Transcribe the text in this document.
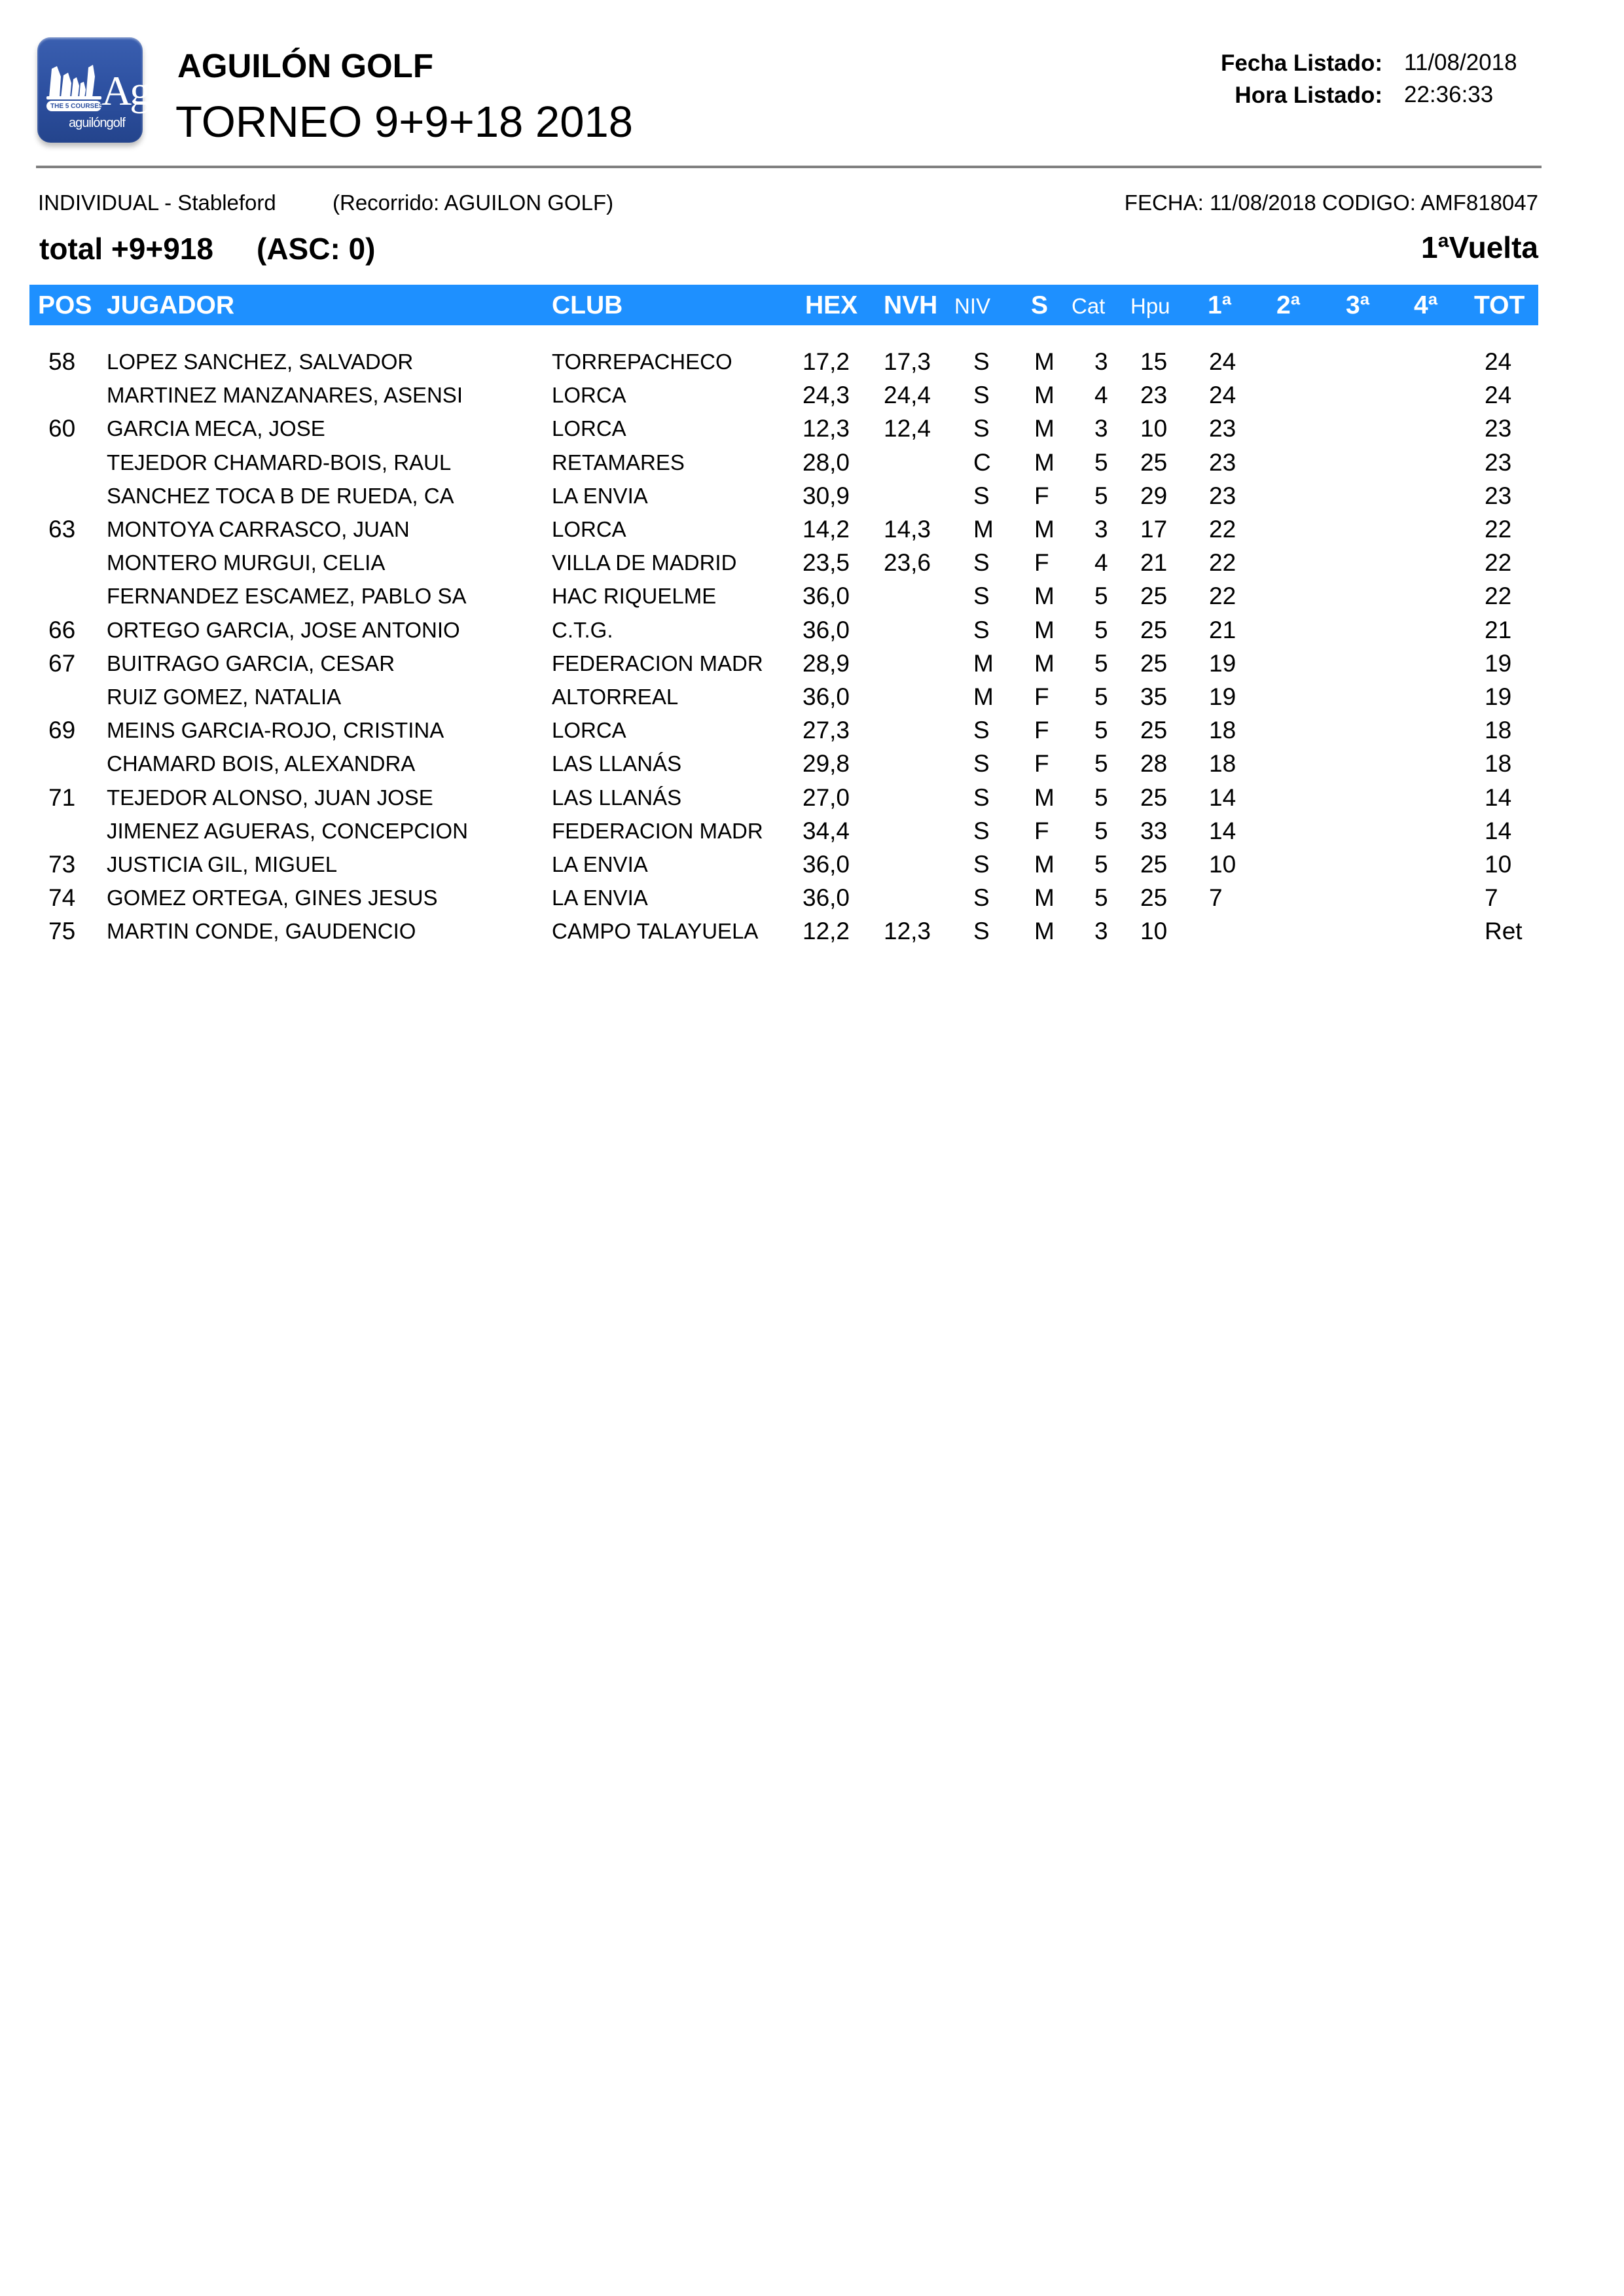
THE 5 COURSES
Ag
aguilóngolf
AGUILÓN GOLF
TORNEO 9+9+18 2018
Fecha Listado: 11/08/2018
Hora Listado: 22:36:33
INDIVIDUAL - Stableford	(Recorrido: AGUILON GOLF)	FECHA: 11/08/2018 CODIGO: AMF818047
total +9+918 (ASC: 0)	1ªVuelta
POS JUGADOR	CLUB	HEX NVH NIV S Cat Hpu 1ª 2ª 3ª 4ª TOT
58 LOPEZ SANCHEZ, SALVADOR	TORREPACHECO	17,2 17,3 S M 3 15 24	24
MARTINEZ MANZANARES, ASENSI	LORCA	24,3 24,4 S M 4 23 24	24
60 GARCIA MECA, JOSE	LORCA	12,3 12,4 S M 3 10 23	23
TEJEDOR CHAMARD-BOIS, RAUL	RETAMARES	28,0	C M 5 25 23	23
SANCHEZ TOCA B DE RUEDA, CA	LA ENVIA	30,9	S F 5 29 23	23
63 MONTOYA CARRASCO, JUAN	LORCA	14,2 14,3 M M 3 17 22	22
MONTERO MURGUI, CELIA	VILLA DE MADRID	23,5 23,6 S F 4 21 22	22
FERNANDEZ ESCAMEZ, PABLO SA	HAC RIQUELME	36,0	S M 5 25 22	22
66 ORTEGO GARCIA, JOSE ANTONIO	C.T.G.	36,0	S M 5 25 21	21
67 BUITRAGO GARCIA, CESAR	FEDERACION MADR 28,9	M M 5 25 19	19
RUIZ GOMEZ, NATALIA	ALTORREAL	36,0	M F 5 35 19	19
69 MEINS GARCIA-ROJO, CRISTINA	LORCA	27,3	S F 5 25 18	18
CHAMARD BOIS, ALEXANDRA	LAS LLANÁS	29,8	S F 5 28 18	18
71 TEJEDOR ALONSO, JUAN JOSE	LAS LLANÁS	27,0	S M 5 25 14	14
JIMENEZ AGUERAS, CONCEPCION	FEDERACION MADR 34,4	S F 5 33 14	14
73 JUSTICIA GIL, MIGUEL	LA ENVIA	36,0	S M 5 25 10	10
74 GOMEZ ORTEGA, GINES JESUS	LA ENVIA	36,0	S M 5 25 7	7
75 MARTIN CONDE, GAUDENCIO	CAMPO TALAYUELA 12,2 12,3 S M 3 10	Ret
